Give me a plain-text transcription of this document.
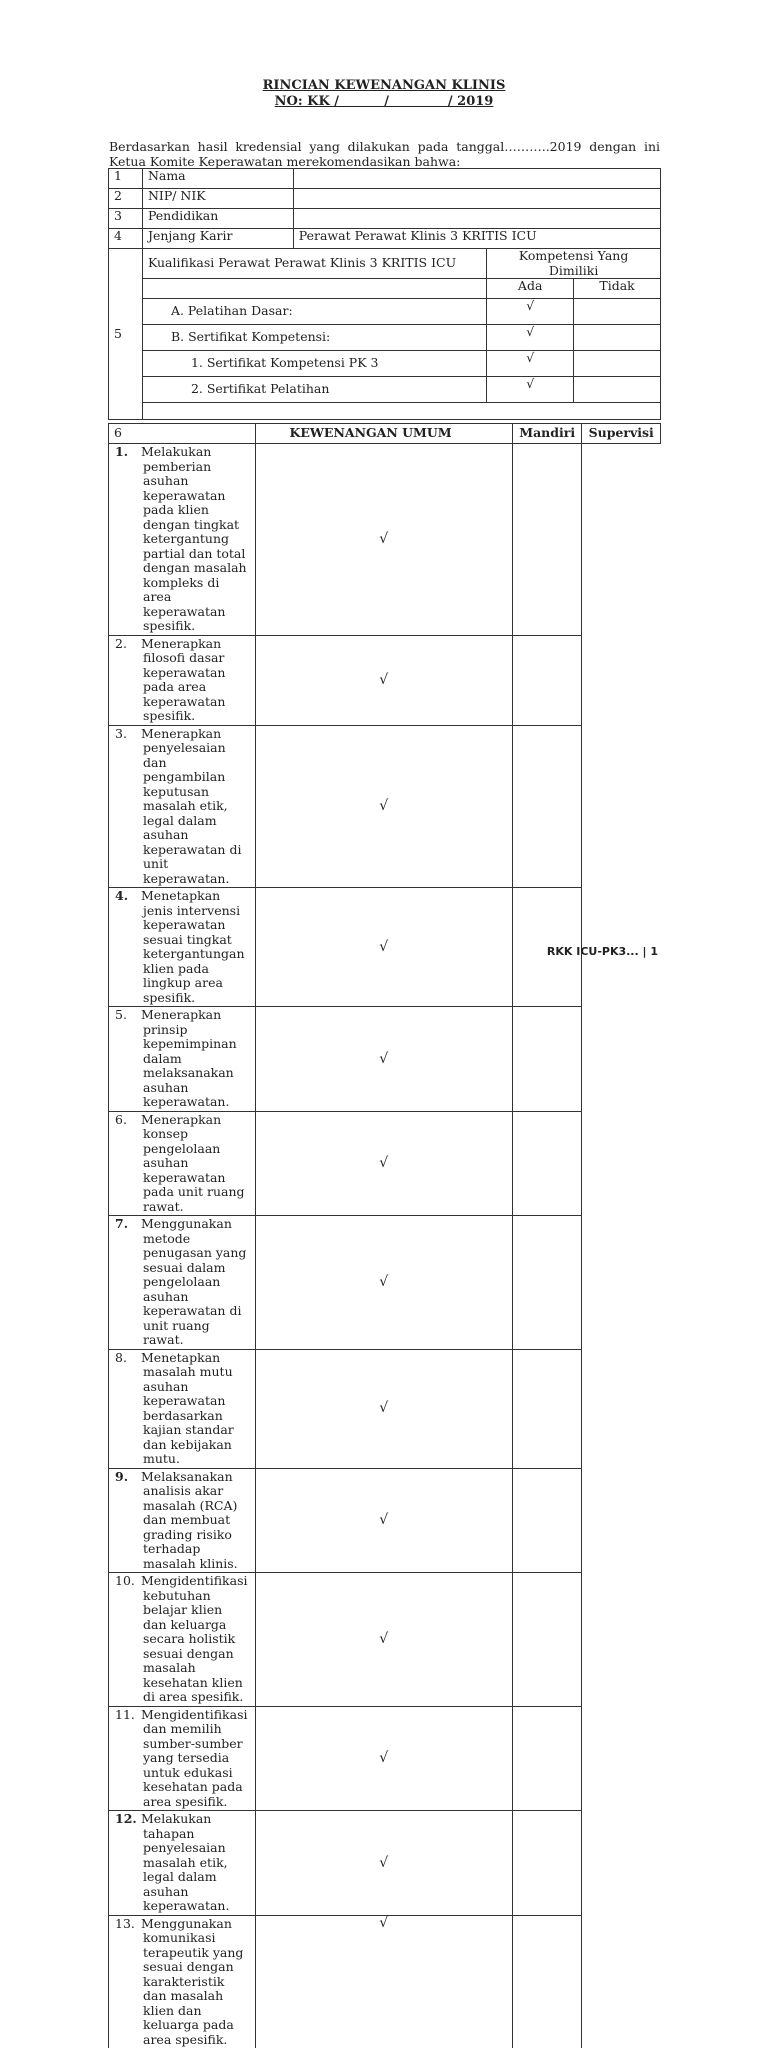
RINCIAN KEWENANGAN KLINIS
NO: KK /          /             / 2019
Berdasarkan hasil kredensial yang dilakukan pada tanggal………..2019 dengan ini Ketua Komite Keperawatan merekomendasikan bahwa:
1	Nama			
2	NIP/ NIK			
3	Pendidikan			
4	Jenjang Karir	Perawat Perawat Klinis 3 KRITIS ICU		
5	Kualifikasi Perawat Perawat Klinis 3 KRITIS ICU		Kompetensi Yang Dimiliki	
			Ada	Tidak
	A. Pelatihan Dasar:		√	
	B. Sertifikat Kompetensi:		√	
	1. Sertifikat Kompetensi PK 3		√	
	2. Sertifikat Pelatihan		√	

6	KEWENANGAN UMUM	Mandiri	Supervisi
1. Melakukan pemberian asuhan keperawatan pada klien dengan tingkat ketergantung partial dan total dengan masalah kompleks di area keperawatan spesifik.	√		
2. Menerapkan filosofi dasar keperawatan pada area keperawatan spesifik.	√		
3. Menerapkan penyelesaian dan pengambilan keputusan masalah etik, legal dalam asuhan keperawatan di unit keperawatan.	√		
4. Menetapkan jenis intervensi keperawatan sesuai tingkat ketergantungan klien pada lingkup area spesifik.	√		
5. Menerapkan prinsip kepemimpinan dalam melaksanakan asuhan keperawatan.	√		
6. Menerapkan konsep pengelolaan asuhan keperawatan pada unit ruang rawat.	√		
7. Menggunakan metode penugasan yang sesuai dalam pengelolaan asuhan keperawatan di unit ruang rawat.	√		
8. Menetapkan masalah mutu asuhan keperawatan berdasarkan kajian standar dan kebijakan mutu.	√		
9. Melaksanakan analisis akar masalah (RCA) dan membuat grading risiko terhadap masalah klinis.	√		
10. Mengidentifikasi kebutuhan belajar klien dan keluarga secara holistik sesuai dengan masalah kesehatan klien di area spesifik.	√		
11. Mengidentifikasi dan memilih sumber-sumber yang tersedia untuk edukasi kesehatan pada area spesifik.	√		
12. Melakukan tahapan penyelesaian masalah etik, legal dalam asuhan keperawatan.	√		
13. Menggunakan komunikasi terapeutik yang sesuai dengan karakteristik dan masalah klien dan keluarga pada area spesifik.	√		
RKK ICU-PK3... | 1
